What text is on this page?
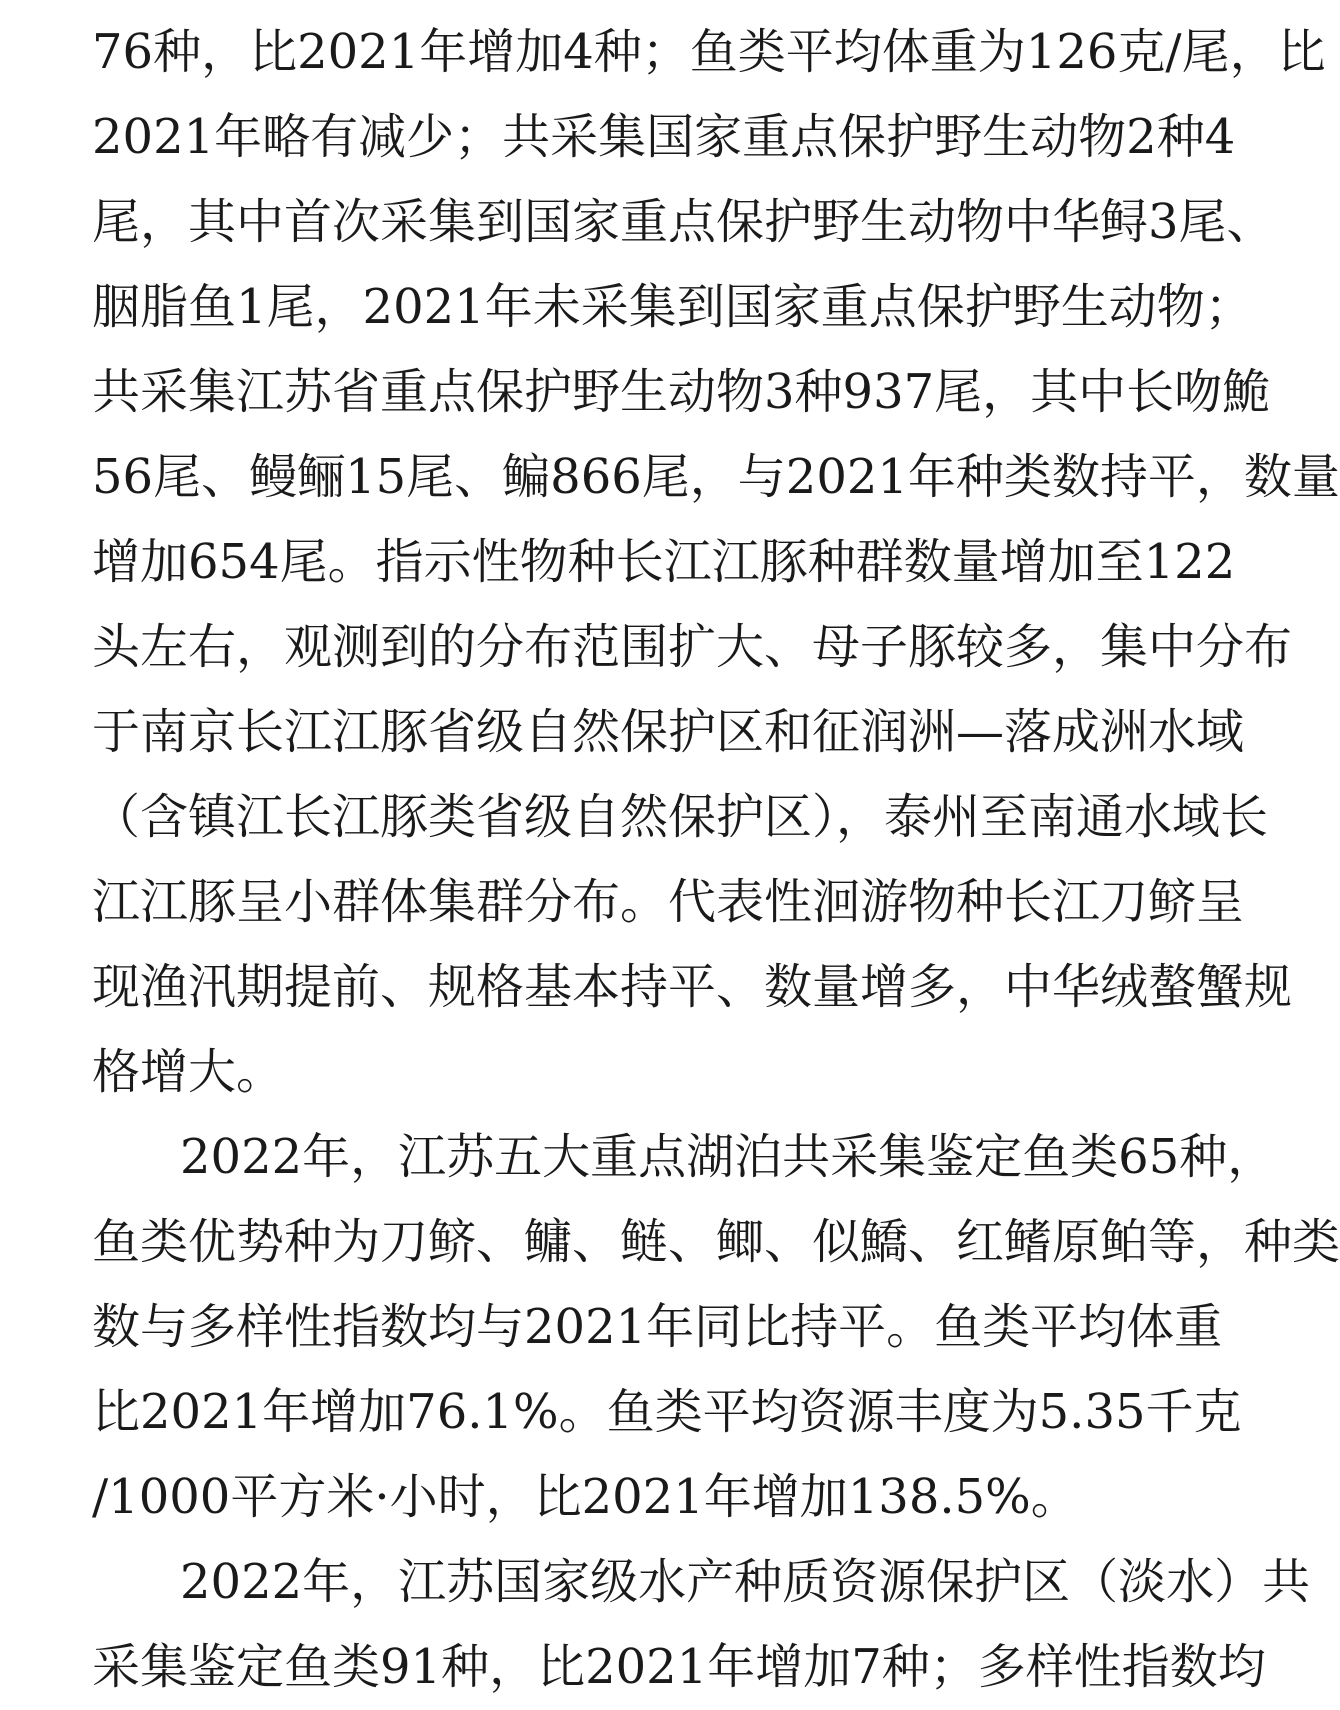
76种，比2021年增加4种；鱼类平均体重为126克/尾，比
2021年略有减少；共采集国家重点保护野生动物2种4
尾，其中首次采集到国家重点保护野生动物中华鲟3尾、
胭脂鱼1尾，2021年未采集到国家重点保护野生动物；
共采集江苏省重点保护野生动物3种937尾，其中长吻鮠
56尾、鳗鲡15尾、鳊866尾，与2021年种类数持平，数量
增加654尾。指示性物种长江江豚种群数量增加至122
头左右，观测到的分布范围扩大、母子豚较多，集中分布
于南京长江江豚省级自然保护区和征润洲—落成洲水域
（含镇江长江豚类省级自然保护区），泰州至南通水域长
江江豚呈小群体集群分布。代表性洄游物种长江刀鲚呈
现渔汛期提前、规格基本持平、数量增多，中华绒螯蟹规
格增大。
2022年，江苏五大重点湖泊共采集鉴定鱼类65种，
鱼类优势种为刀鲚、鳙、鲢、鲫、似鱎、红鳍原鲌等，种类
数与多样性指数均与2021年同比持平。鱼类平均体重
比2021年增加76.1%。鱼类平均资源丰度为5.35千克
/1000平方米·小时，比2021年增加138.5%。
2022年，江苏国家级水产种质资源保护区（淡水）共
采集鉴定鱼类91种，比2021年增加7种；多样性指数均
